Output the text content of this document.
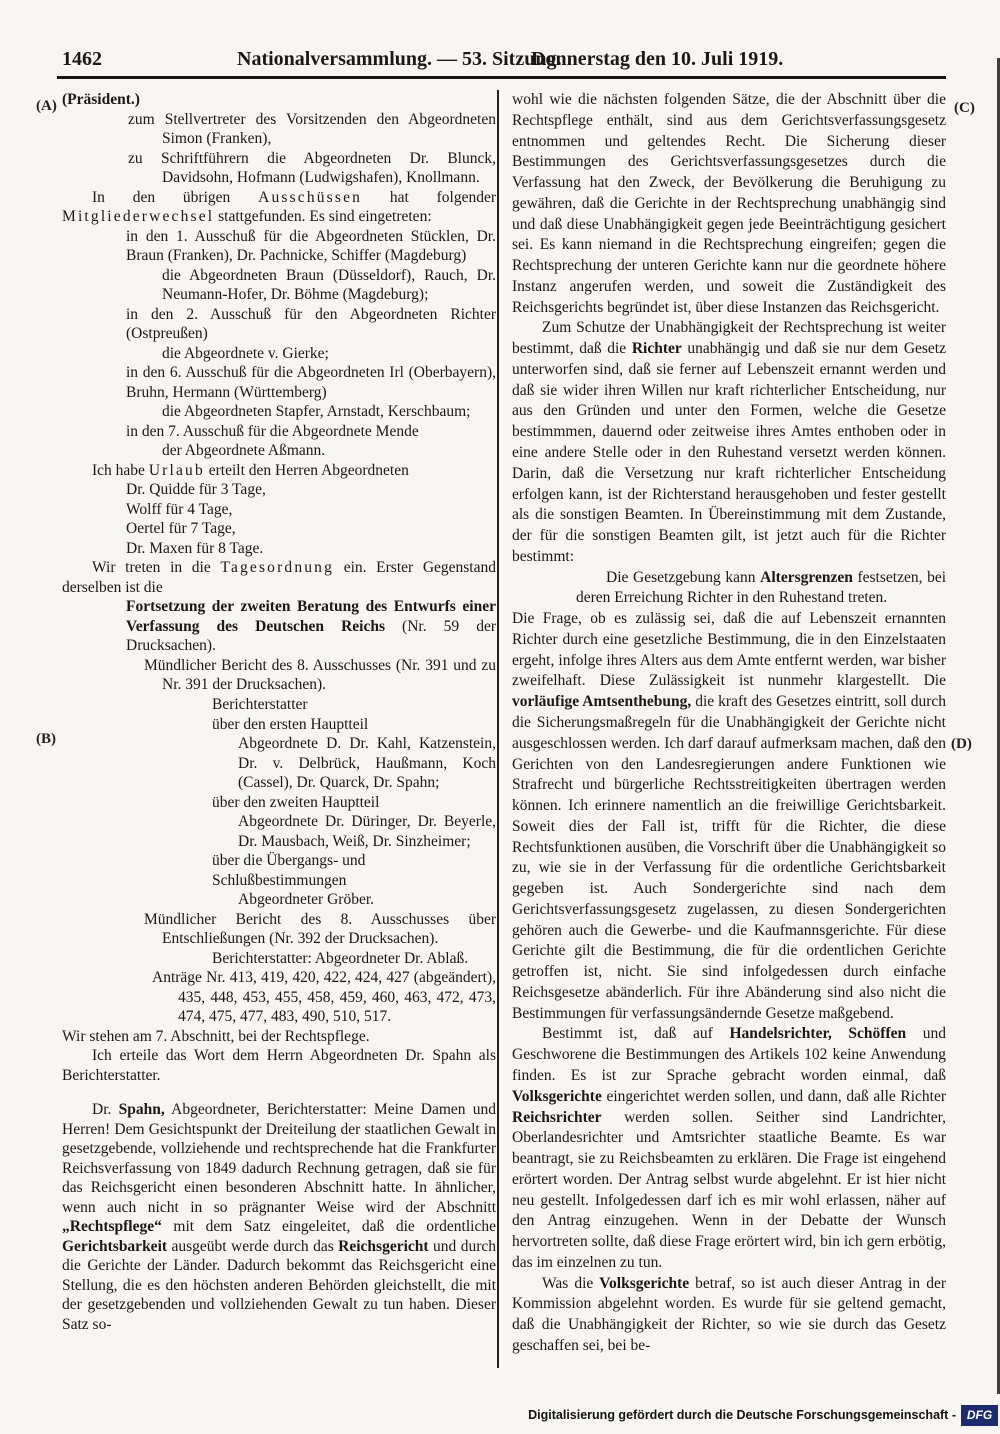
1462	Nationalversammlung. — 53. Sitzung.
Donnerstag den 10. Juli 1919.
(A)
(B)
(C)
(D)

(Präsident.)

zum Stellvertreter des Vorsitzenden den Abgeordneten Simon (Franken),

zu Schriftführern die Abgeordneten Dr. Blunck, Davidsohn, Hofmann (Ludwigshafen), Knollmann.

In den übrigen Ausschüssen hat folgender Mitgliederwechsel stattgefunden. Es sind eingetreten:

in den 1. Ausschuß für die Abgeordneten Stücklen, Dr. Braun (Franken), Dr. Pachnicke, Schiffer (Magdeburg)

die Abgeordneten Braun (Düsseldorf), Rauch, Dr. Neumann-Hofer, Dr. Böhme (Magdeburg);

in den 2. Ausschuß für den Abgeordneten Richter (Ostpreußen)

die Abgeordnete v. Gierke;

in den 6. Ausschuß für die Abgeordneten Irl (Oberbayern), Bruhn, Hermann (Württemberg)

die Abgeordneten Stapfer, Arnstadt, Kerschbaum;

in den 7. Ausschuß für die Abgeordnete Mende

der Abgeordnete Aßmann.

Ich habe Urlaub erteilt den Herren Abgeordneten

Dr. Quidde für 3 Tage,

Wolff für 4 Tage,

Oertel für 7 Tage,

Dr. Maxen für 8 Tage.

Wir treten in die Tagesordnung ein. Erster Gegenstand derselben ist die

Fortsetzung der zweiten Beratung des Entwurfs einer Verfassung des Deutschen Reichs (Nr. 59 der Drucksachen).

Mündlicher Bericht des 8. Ausschusses (Nr. 391 und zu Nr. 391 der Drucksachen).

Berichterstatter

über den ersten Hauptteil

Abgeordnete D. Dr. Kahl, Katzenstein, Dr. v. Delbrück, Haußmann, Koch (Cassel), Dr. Quarck, Dr. Spahn;

über den zweiten Hauptteil

Abgeordnete Dr. Düringer, Dr. Beyerle, Dr. Mausbach, Weiß, Dr. Sinzheimer;

über die Übergangs- und Schlußbestimmungen

Abgeordneter Gröber.

Mündlicher Bericht des 8. Ausschusses über Entschließungen (Nr. 392 der Drucksachen).

Berichterstatter: Abgeordneter Dr. Ablaß.

Anträge Nr. 413, 419, 420, 422, 424, 427 (abgeändert), 435, 448, 453, 455, 458, 459, 460, 463, 472, 473, 474, 475, 477, 483, 490, 510, 517.

Wir stehen am 7. Abschnitt, bei der Rechtspflege.

Ich erteile das Wort dem Herrn Abgeordneten Dr. Spahn als Berichterstatter.

Dr. Spahn, Abgeordneter, Berichterstatter: Meine Damen und Herren! Dem Gesichtspunkt der Dreiteilung der staatlichen Gewalt in gesetzgebende, vollziehende und rechtsprechende hat die Frankfurter Reichsverfassung von 1849 dadurch Rechnung getragen, daß sie für das Reichsgericht einen besonderen Abschnitt hatte. In ähnlicher, wenn auch nicht in so prägnanter Weise wird der Abschnitt „Rechtspflege“ mit dem Satz eingeleitet, daß die ordentliche Gerichtsbarkeit ausgeübt werde durch das Reichsgericht und durch die Gerichte der Länder. Dadurch bekommt das Reichsgericht eine Stellung, die es den höchsten anderen Behörden gleichstellt, die mit der gesetzgebenden und vollziehenden Gewalt zu tun haben. Dieser Satz so-

wohl wie die nächsten folgenden Sätze, die der Abschnitt über die Rechtspflege enthält, sind aus dem Gerichtsverfassungsgesetz entnommen und geltendes Recht. Die Sicherung dieser Bestimmungen des Gerichtsverfassungsgesetzes durch die Verfassung hat den Zweck, der Bevölkerung die Beruhigung zu gewähren, daß die Gerichte in der Rechtsprechung unabhängig sind und daß diese Unabhängigkeit gegen jede Beeinträchtigung gesichert sei. Es kann niemand in die Rechtsprechung eingreifen; gegen die Rechtsprechung der unteren Gerichte kann nur die geordnete höhere Instanz angerufen werden, und soweit die Zuständigkeit des Reichsgerichts begründet ist, über diese Instanzen das Reichsgericht.

Zum Schutze der Unabhängigkeit der Rechtsprechung ist weiter bestimmt, daß die Richter unabhängig und daß sie nur dem Gesetz unterworfen sind, daß sie ferner auf Lebenszeit ernannt werden und daß sie wider ihren Willen nur kraft richterlicher Entscheidung, nur aus den Gründen und unter den Formen, welche die Gesetze bestimmmen, dauernd oder zeitweise ihres Amtes enthoben oder in eine andere Stelle oder in den Ruhestand versetzt werden können. Darin, daß die Versetzung nur kraft richterlicher Entscheidung erfolgen kann, ist der Richterstand herausgehoben und fester gestellt als die sonstigen Beamten. In Übereinstimmung mit dem Zustande, der für die sonstigen Beamten gilt, ist jetzt auch für die Richter bestimmt:

Die Gesetzgebung kann Altersgrenzen festsetzen, bei deren Erreichung Richter in den Ruhestand treten.

Die Frage, ob es zulässig sei, daß die auf Lebenszeit ernannten Richter durch eine gesetzliche Bestimmung, die in den Einzelstaaten ergeht, infolge ihres Alters aus dem Amte entfernt werden, war bisher zweifelhaft. Diese Zulässigkeit ist nunmehr klargestellt. Die vorläufige Amtsenthebung, die kraft des Gesetzes eintritt, soll durch die Sicherungsmaßregeln für die Unabhängigkeit der Gerichte nicht ausgeschlossen werden. Ich darf darauf aufmerksam machen, daß den Gerichten von den Landesregierungen andere Funktionen wie Strafrecht und bürgerliche Rechtsstreitigkeiten übertragen werden können. Ich erinnere namentlich an die freiwillige Gerichtsbarkeit. Soweit dies der Fall ist, trifft für die Richter, die diese Rechtsfunktionen ausüben, die Vorschrift über die Unabhängigkeit so zu, wie sie in der Verfassung für die ordentliche Gerichtsbarkeit gegeben ist. Auch Sondergerichte sind nach dem Gerichtsverfassungsgesetz zugelassen, zu diesen Sondergerichten gehören auch die Gewerbe- und die Kaufmannsgerichte. Für diese Gerichte gilt die Bestimmung, die für die ordentlichen Gerichte getroffen ist, nicht. Sie sind infolgedessen durch einfache Reichsgesetze abänderlich. Für ihre Abänderung sind also nicht die Bestimmungen für verfassungsändernde Gesetze maßgebend.

Bestimmt ist, daß auf Handelsrichter, Schöffen und Geschworene die Bestimmungen des Artikels 102 keine Anwendung finden. Es ist zur Sprache gebracht worden einmal, daß Volksgerichte eingerichtet werden sollen, und dann, daß alle Richter Reichsrichter werden sollen. Seither sind Landrichter, Oberlandesrichter und Amtsrichter staatliche Beamte. Es war beantragt, sie zu Reichsbeamten zu erklären. Die Frage ist eingehend erörtert worden. Der Antrag selbst wurde abgelehnt. Er ist hier nicht neu gestellt. Infolgedessen darf ich es mir wohl erlassen, näher auf den Antrag einzugehen. Wenn in der Debatte der Wunsch hervortreten sollte, daß diese Frage erörtert wird, bin ich gern erbötig, das im einzelnen zu tun.

Was die Volksgerichte betraf, so ist auch dieser Antrag in der Kommission abgelehnt worden. Es wurde für sie geltend gemacht, daß die Unabhängigkeit der Richter, so wie sie durch das Gesetz geschaffen sei, bei be-

Digitalisierung gefördert durch die Deutsche Forschungsgemeinschaft - DFG
